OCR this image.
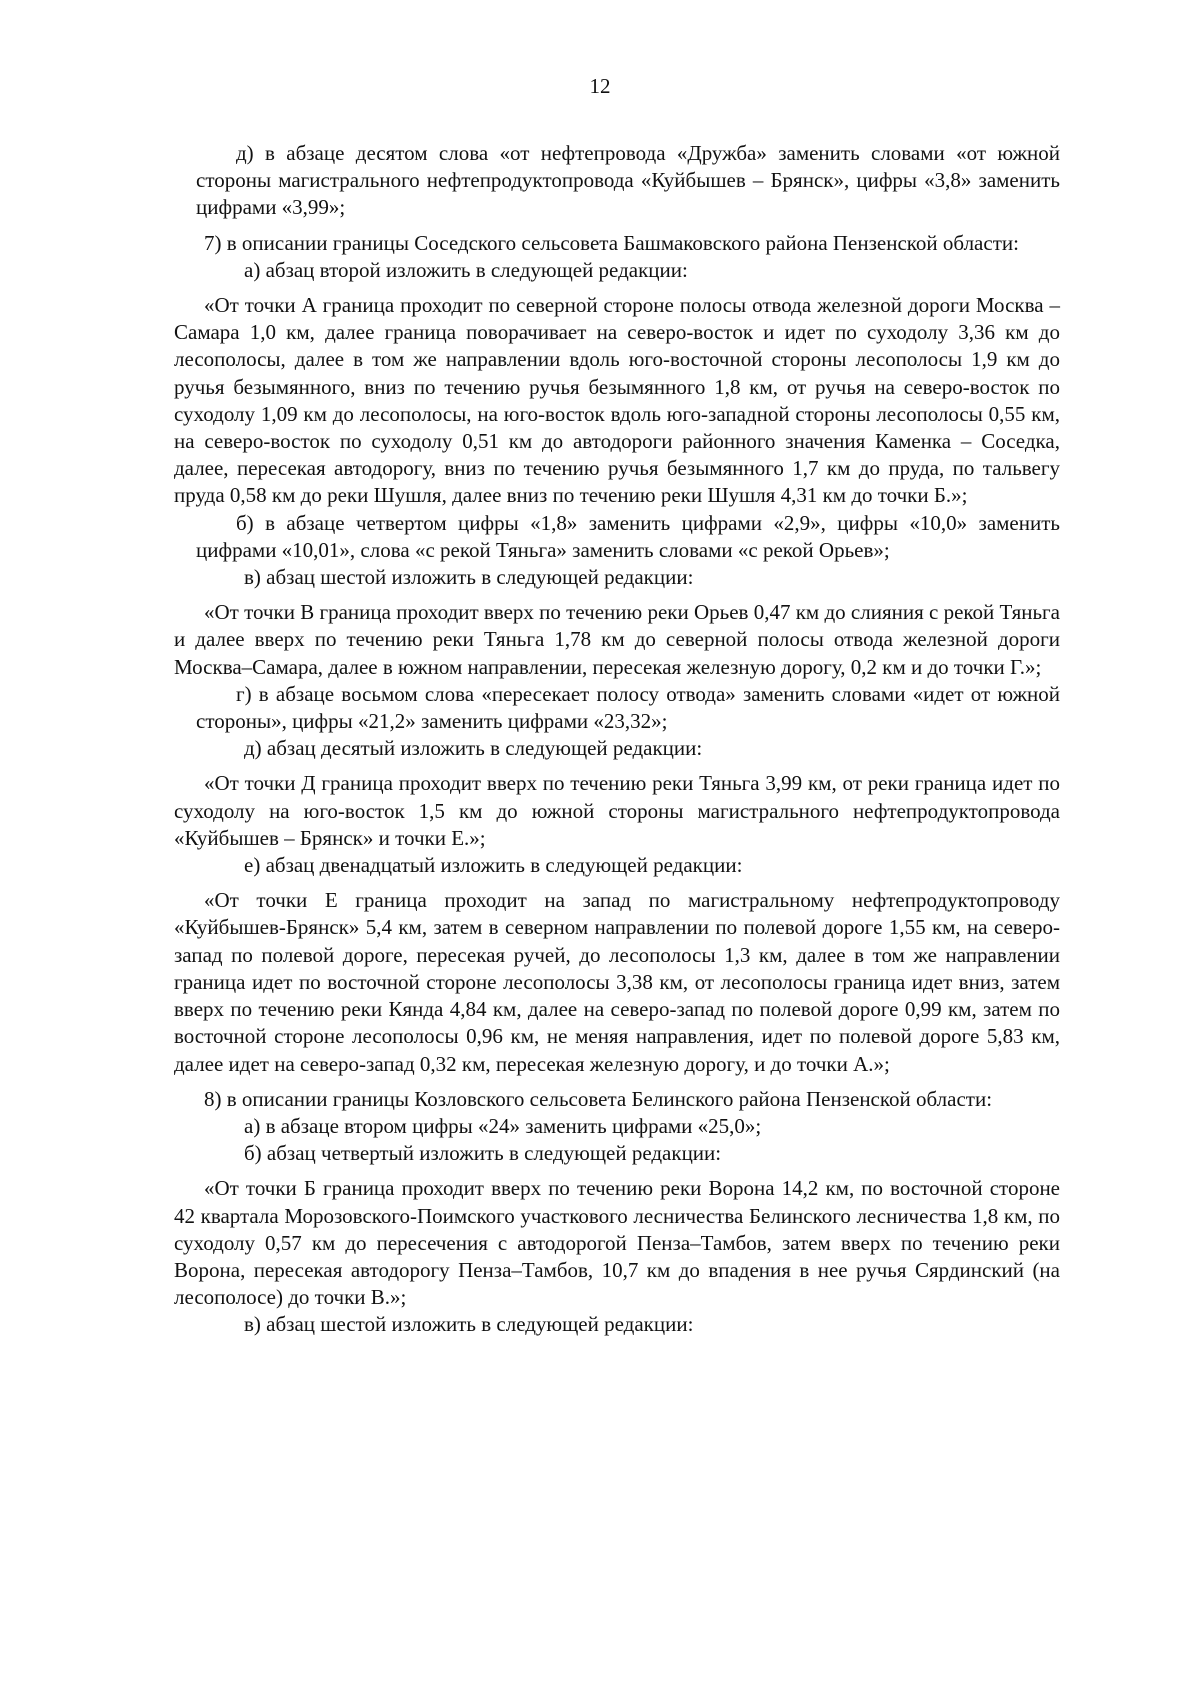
12

д) в абзаце десятом слова «от нефтепровода «Дружба» заменить словами «от южной стороны магистрального нефтепродуктопровода «Куйбышев – Брянск», цифры «3,8» заменить цифрами «3,99»;

7) в описании границы Соседского сельсовета Башмаковского района Пензенской области:

а) абзац второй изложить в следующей редакции:

«От точки А граница проходит по северной стороне полосы отвода железной дороги Москва – Самара 1,0 км, далее граница поворачивает на северо-восток и идет по суходолу 3,36 км до лесополосы, далее в том же направлении вдоль юго-восточной стороны лесополосы 1,9 км до ручья безымянного, вниз по течению ручья безымянного 1,8 км, от ручья на северо-восток по суходолу 1,09 км до лесополосы, на юго-восток вдоль юго-западной стороны лесополосы 0,55 км, на северо-восток по суходолу 0,51 км до автодороги районного значения Каменка – Соседка, далее, пересекая автодорогу, вниз по течению ручья безымянного 1,7 км до пруда, по тальвегу пруда 0,58 км до реки Шушля, далее вниз по течению реки Шушля 4,31 км до точки Б.»;

б) в абзаце четвертом цифры «1,8» заменить цифрами «2,9», цифры «10,0» заменить цифрами «10,01», слова «с рекой Тяньга» заменить словами «с рекой Орьев»;

в) абзац шестой изложить в следующей редакции:

«От точки В граница проходит вверх по течению реки Орьев 0,47 км до слияния с рекой Тяньга и далее вверх по течению реки Тяньга 1,78 км до северной полосы отвода железной дороги Москва–Самара, далее в южном направлении, пересекая железную дорогу, 0,2 км и до точки Г.»;

г) в абзаце восьмом слова «пересекает полосу отвода» заменить словами «идет от южной стороны», цифры «21,2» заменить цифрами «23,32»;

д) абзац десятый изложить в следующей редакции:

«От точки Д граница проходит вверх по течению реки Тяньга 3,99 км, от реки граница идет по суходолу на юго-восток 1,5 км до южной стороны магистрального нефтепродуктопровода «Куйбышев – Брянск» и точки Е.»;

е) абзац двенадцатый изложить в следующей редакции:

«От точки Е граница проходит на запад по магистральному нефтепродуктопроводу «Куйбышев-Брянск» 5,4 км, затем в северном направлении по полевой дороге 1,55 км, на северо-запад по полевой дороге, пересекая ручей, до лесополосы 1,3 км, далее в том же направлении граница идет по восточной стороне лесополосы 3,38 км, от лесополосы граница идет вниз, затем вверх по течению реки Кянда 4,84 км, далее на северо-запад по полевой дороге 0,99 км, затем по восточной стороне лесополосы 0,96 км, не меняя направления, идет по полевой дороге 5,83 км, далее идет на северо-запад 0,32 км, пересекая железную дорогу, и до точки А.»;

8) в описании границы Козловского сельсовета Белинского района Пензенской области:

а) в абзаце втором цифры «24» заменить цифрами «25,0»;

б) абзац четвертый изложить в следующей редакции:

«От точки Б граница проходит вверх по течению реки Ворона 14,2 км, по восточной стороне 42 квартала Морозовского-Поимского участкового лесничества Белинского лесничества 1,8 км, по суходолу 0,57 км до пересечения с автодорогой Пенза–Тамбов, затем вверх по течению реки Ворона, пересекая автодорогу Пенза–Тамбов, 10,7 км до впадения в нее ручья Сярдинский (на лесополосе) до точки В.»;

в) абзац шестой изложить в следующей редакции:
